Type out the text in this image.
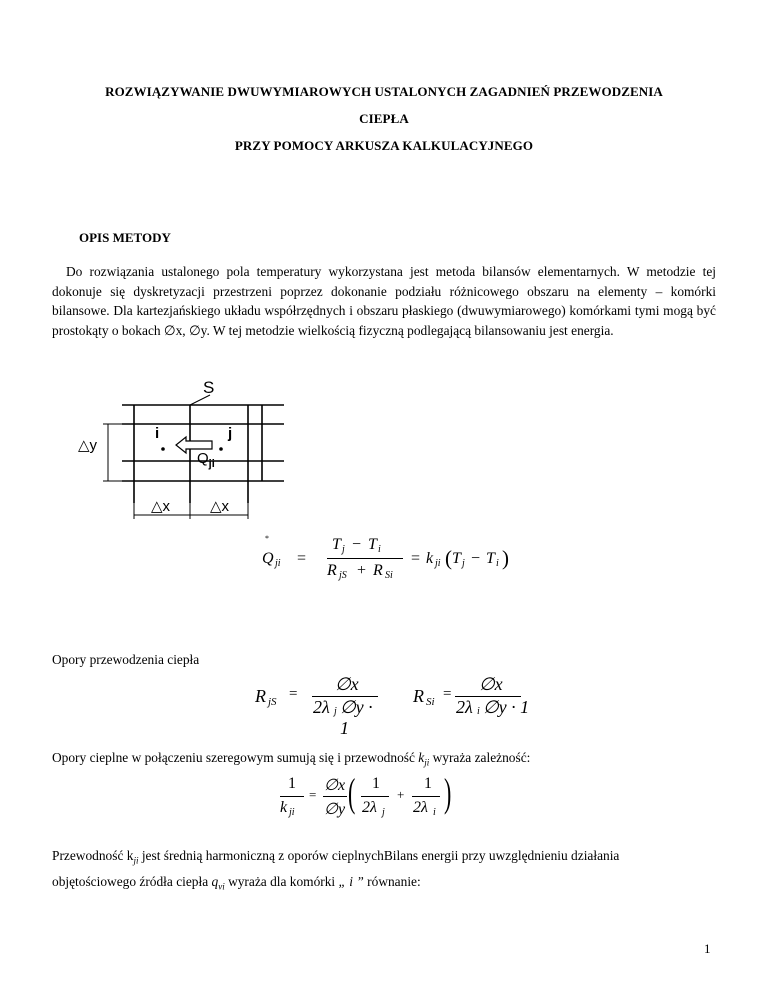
ROZWIĄZYWANIE DWUWYMIAROWYCH USTALONYCH ZAGADNIEŃ PRZEWODZENIA
CIEPŁA
PRZY POMOCY ARKUSZA KALKULACYJNEGO
OPIS METODY
Do rozwiązania ustalonego pola temperatury wykorzystana jest metoda bilansów elementarnych. W metodzie tej dokonuje się dyskretyzacji przestrzeni poprzez dokonanie podziału różnicowego obszaru na elementy – komórki bilansowe. Dla kartezjańskiego układu współrzędnych i obszaru płaskiego (dwuwymiarowego) komórkami tymi mogą być prostokąty o bokach ∅x, ∅y. W tej metodzie wielkością fizyczną podlegającą bilansowaniu jest energia.
S
i	j
$Q_{ji}$
△y
△x	△x
*
Q ji =
T j − T i
R jS + R Si
= k ji ( T j − T i )
Opory przewodzenia ciepła
R jS = ∅x
2λ j ∅y · 1
R Si = ∅x
2λ i ∅y · 1
Opory cieplne w połączeniu szeregowym sumują się i przewodność $k_{ji}$ wyraża zależność:
1
k ji
=
∅x
∅y ( 1
2λ j
+
1
2λ i )
Przewodność $k_{ji}$ jest średnią harmoniczną z oporów cieplnychBilans energii przy uwzględnieniu działania
objętościowego źródła ciepła $q_{vi}$ wyraża dla komórki „ i ” równanie:
1
